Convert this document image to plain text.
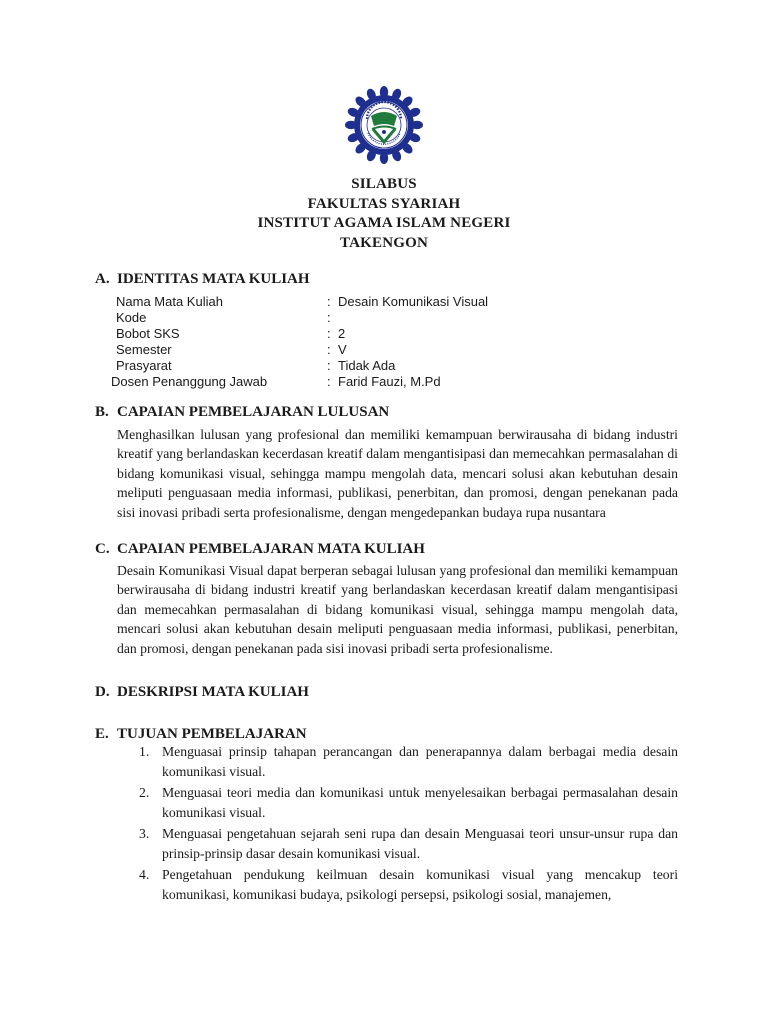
SILABUS
FAKULTAS SYARIAH
INSTITUT AGAMA ISLAM NEGERI
TAKENGON
A. IDENTITAS MATA KULIAH
Nama Mata Kuliah	: Desain Komunikasi Visual
Kode	:
Bobot SKS	: 2
Semester	: V
Prasyarat	: Tidak Ada
Dosen Penanggung Jawab	: Farid Fauzi, M.Pd
B. CAPAIAN PEMBELAJARAN LULUSAN
Menghasilkan lulusan yang profesional dan memiliki kemampuan berwirausaha di bidang industri kreatif yang berlandaskan kecerdasan kreatif dalam mengantisipasi dan memecahkan permasalahan di bidang komunikasi visual, sehingga mampu mengolah data, mencari solusi akan kebutuhan desain meliputi penguasaan media informasi, publikasi, penerbitan, dan promosi, dengan penekanan pada sisi inovasi pribadi serta profesionalisme, dengan mengedepankan budaya rupa nusantara
C. CAPAIAN PEMBELAJARAN MATA KULIAH
Desain Komunikasi Visual dapat berperan sebagai lulusan yang profesional dan memiliki kemampuan berwirausaha di bidang industri kreatif yang berlandaskan kecerdasan kreatif dalam mengantisipasi dan memecahkan permasalahan di bidang komunikasi visual, sehingga mampu mengolah data, mencari solusi akan kebutuhan desain meliputi penguasaan media informasi, publikasi, penerbitan, dan promosi, dengan penekanan pada sisi inovasi pribadi serta profesionalisme.
D. DESKRIPSI MATA KULIAH
E. TUJUAN PEMBELAJARAN
1. Menguasai prinsip tahapan perancangan dan penerapannya dalam berbagai media desain komunikasi visual.
2. Menguasai teori media dan komunikasi untuk menyelesaikan berbagai permasalahan desain komunikasi visual.
3. Menguasai pengetahuan sejarah seni rupa dan desain Menguasai teori unsur-unsur rupa dan prinsip-prinsip dasar desain komunikasi visual.
4. Pengetahuan pendukung keilmuan desain komunikasi visual yang mencakup teori komunikasi, komunikasi budaya, psikologi persepsi, psikologi sosial, manajemen,
